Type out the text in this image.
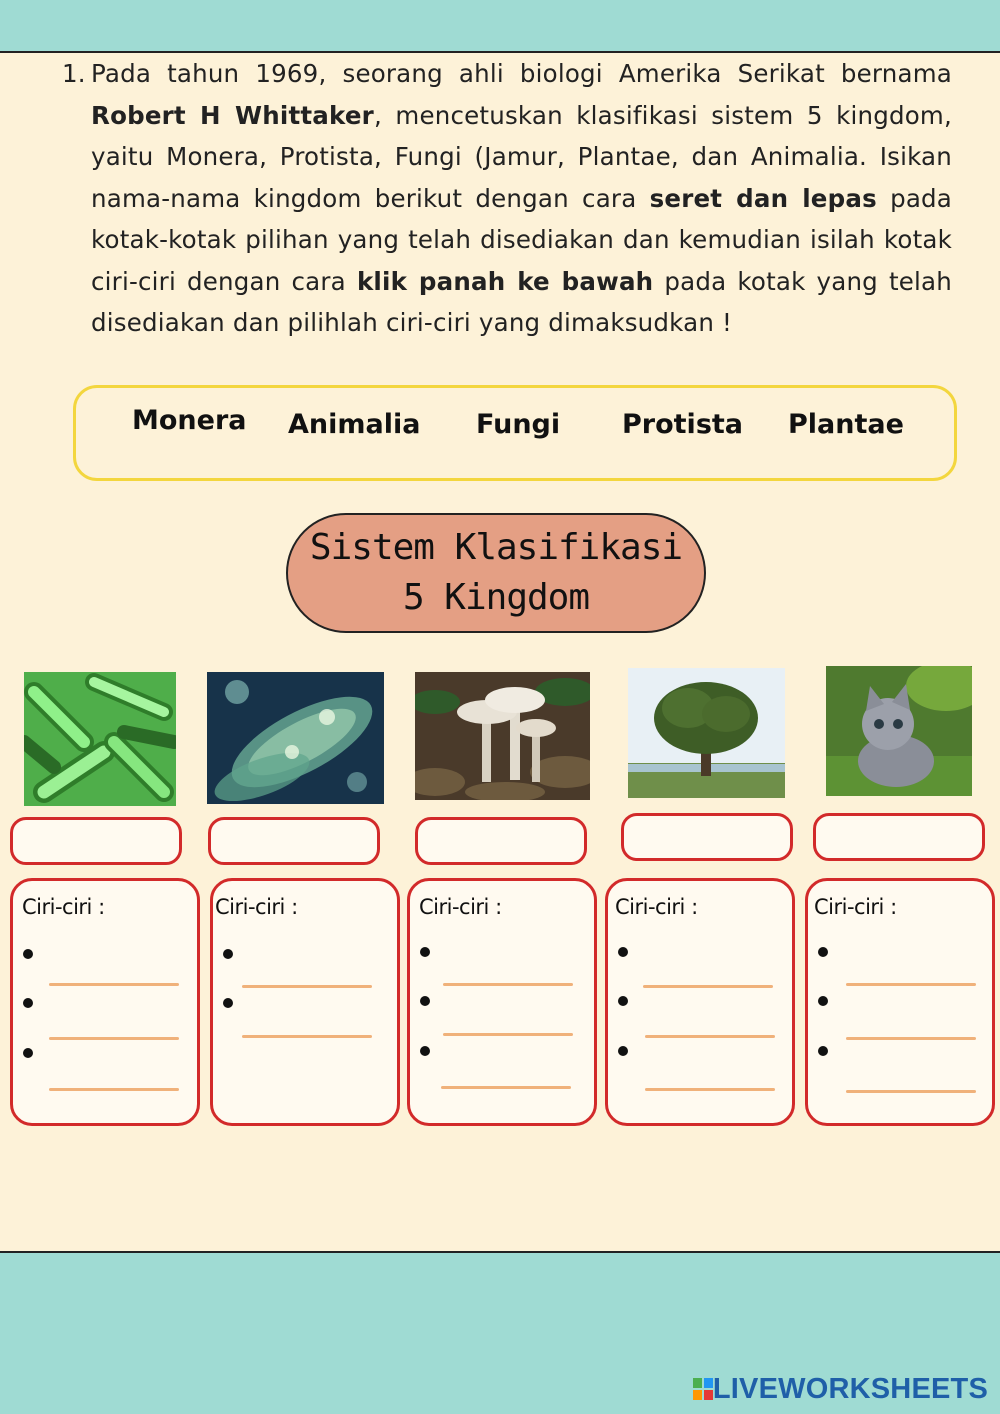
1. Pada tahun 1969, seorang ahli biologi Amerika Serikat bernama Robert H Whittaker, mencetuskan klasifikasi sistem 5 kingdom, yaitu Monera, Protista, Fungi (Jamur, Plantae, dan Animalia. Isikan nama-nama kingdom berikut dengan cara seret dan lepas pada kotak-kotak pilihan yang telah disediakan dan kemudian isilah kotak ciri-ciri dengan cara klik panah ke bawah pada kotak yang telah disediakan dan pilihlah ciri-ciri yang dimaksudkan !
Monera Animalia Fungi Protista Plantae
Sistem Klasifikasi
5 Kingdom
Ciri-ciri :	Ciri-ciri :	Ciri-ciri :	Ciri-ciri :	Ciri-ciri :
LIVEWORKSHEETS
